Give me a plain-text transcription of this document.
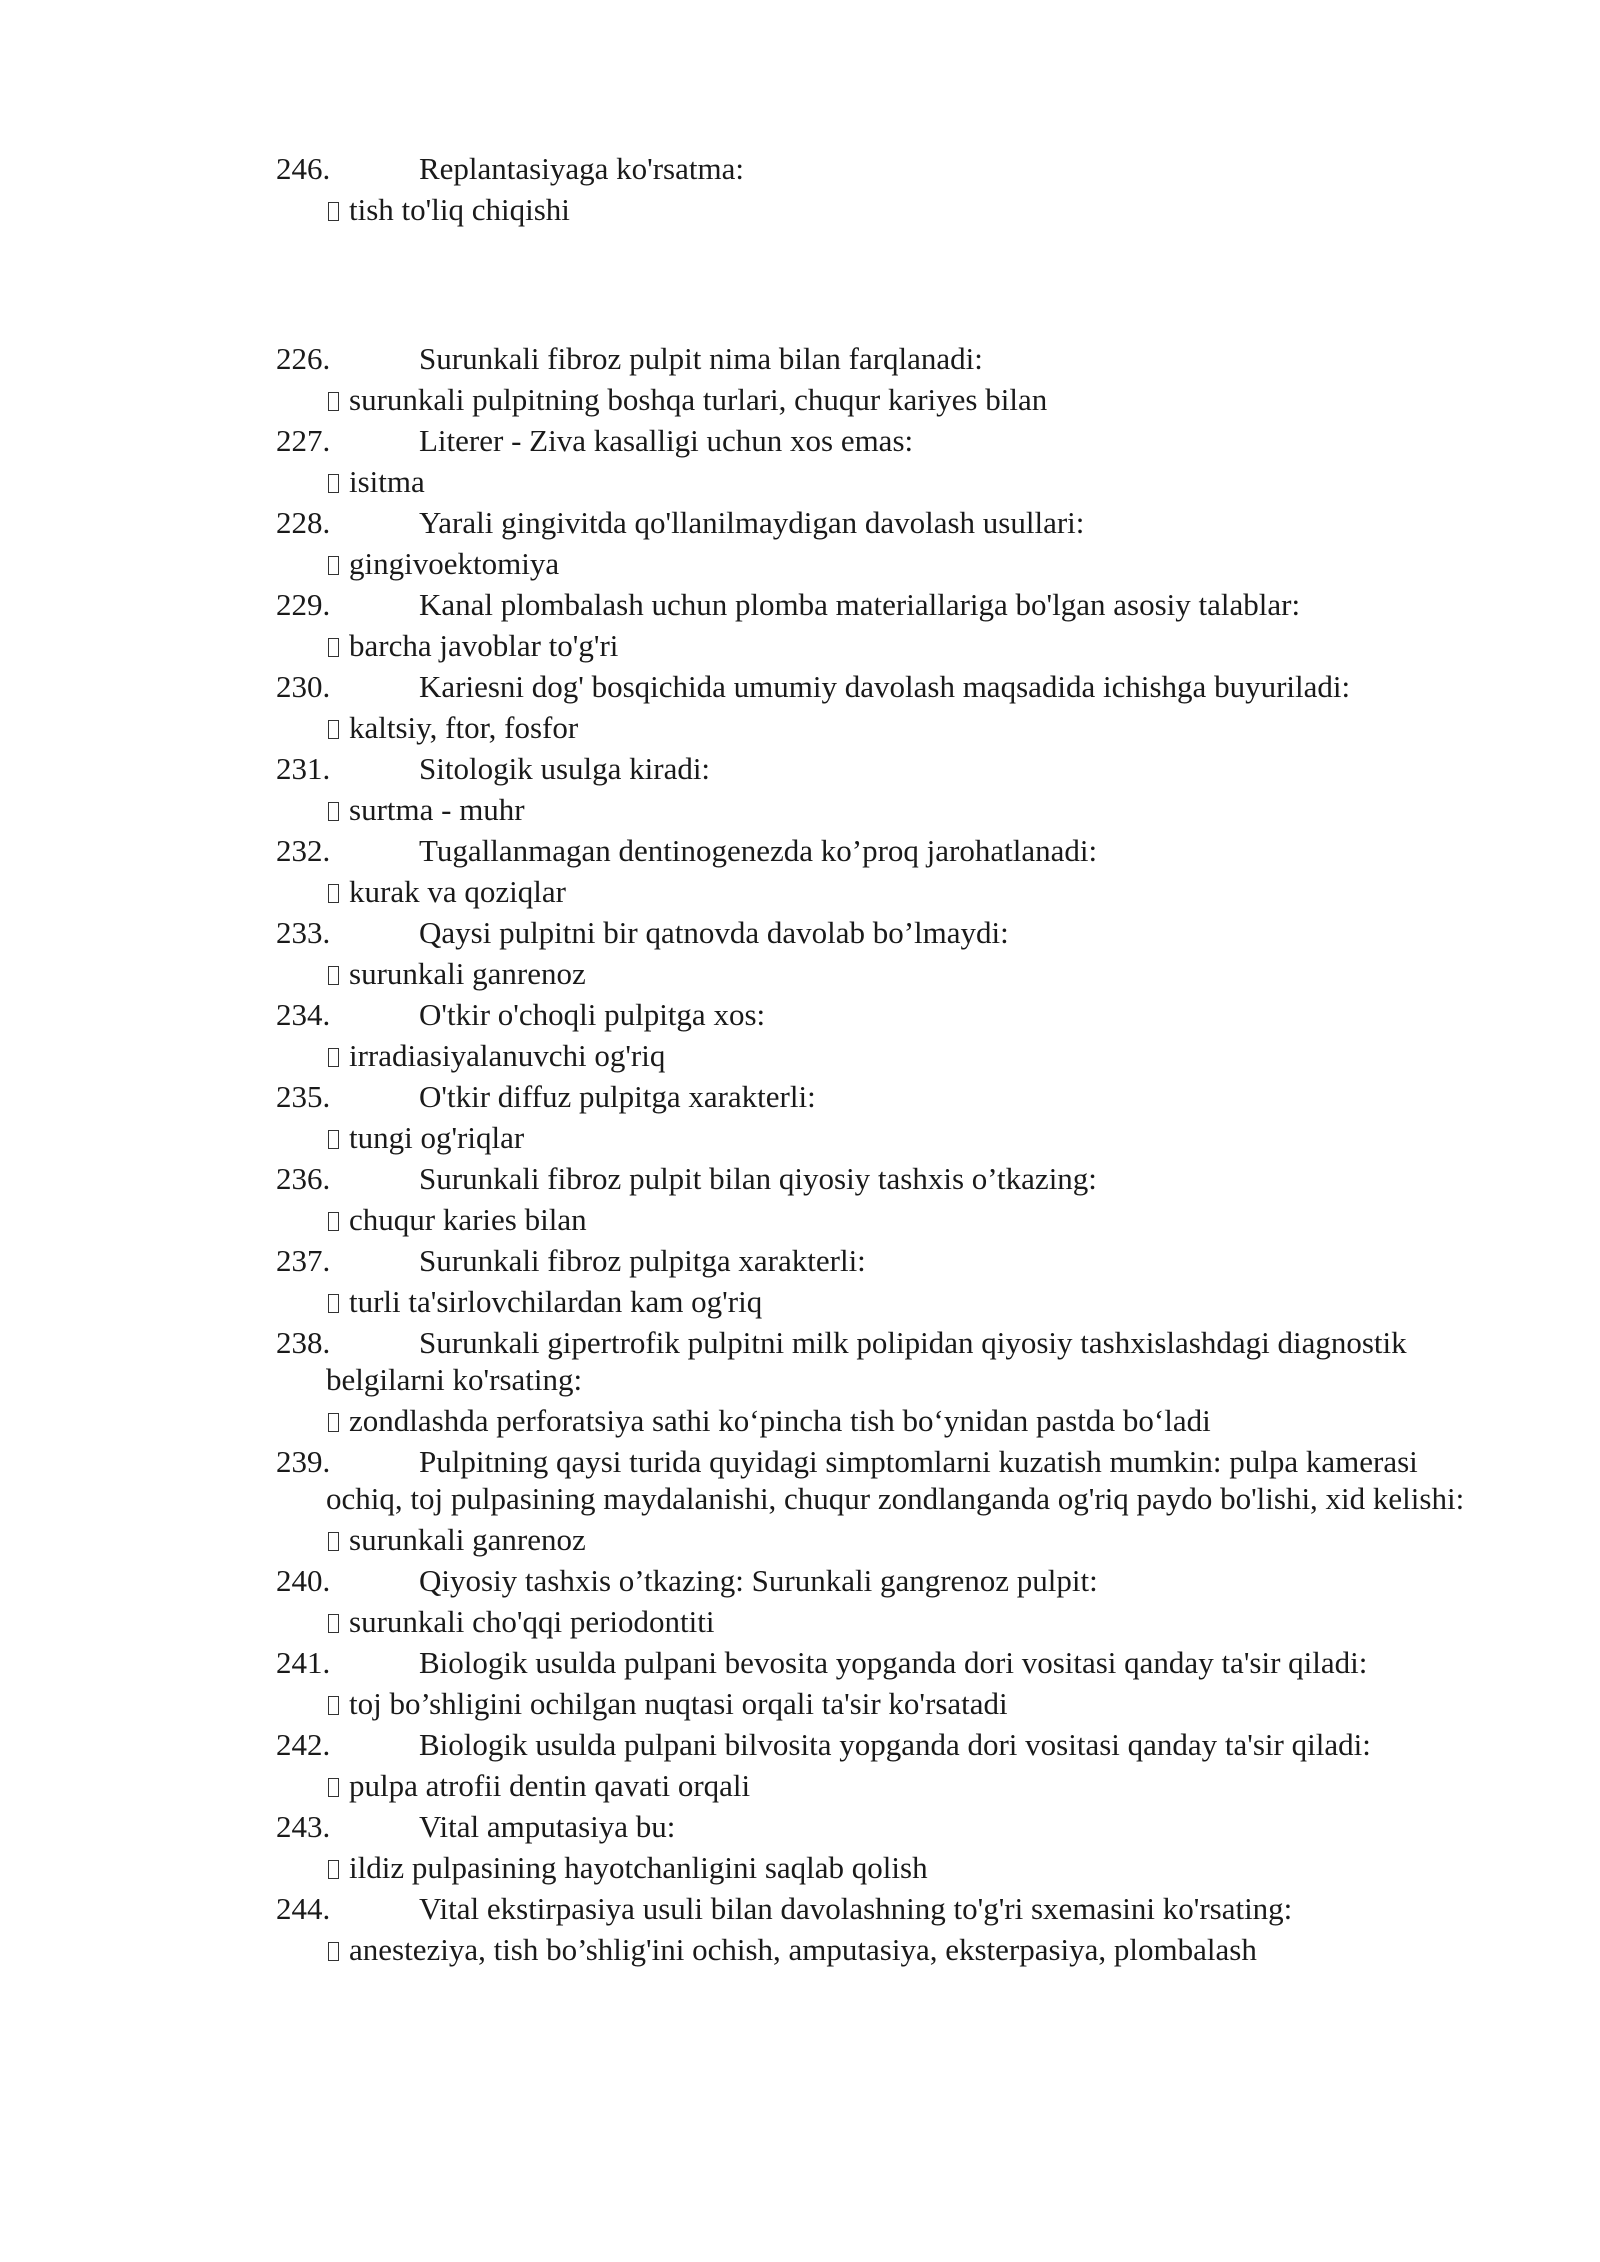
246.	Replantasiyaga ko'rsatma:
tish to'liq chiqishi
226.	Surunkali fibroz pulpit nima bilan farqlanadi:
surunkali pulpitning boshqa turlari, chuqur kariyes bilan
227.	Literer - Ziva kasalligi uchun xos emas:
isitma
228.	Yarali gingivitda qo'llanilmaydigan davolash usullari:
gingivoektomiya
229.	Kanal plombalash uchun plomba materiallariga bo'lgan asosiy talablar:
barcha javoblar to'g'ri
230.	Kariesni dog' bosqichida umumiy davolash maqsadida ichishga buyuriladi:
kaltsiy, ftor, fosfor
231.	Sitologik usulga kiradi:
surtma - muhr
232.	Tugallanmagan dentinogenezda ko’proq jarohatlanadi:
kurak va qoziqlar
233.	Qaysi pulpitni bir qatnovda davolab bo’lmaydi:
surunkali ganrenoz
234.	O'tkir o'choqli pulpitga xos:
irradiasiyalanuvchi og'riq
235.	O'tkir diffuz pulpitga xarakterli:
tungi og'riqlar
236.	Surunkali fibroz pulpit bilan qiyosiy tashxis o’tkazing:
chuqur karies bilan
237.	Surunkali fibroz pulpitga xarakterli:
turli ta'sirlovchilardan kam og'riq
238.	Surunkali gipertrofik pulpitni milk polipidan qiyosiy tashxislashdagi diagnostik belgilarni ko'rsating:
zondlashda perforatsiya sathi ko‘pincha tish bo‘ynidan pastda bo‘ladi
239.	Pulpitning qaysi turida quyidagi simptomlarni kuzatish mumkin: pulpa kamerasi ochiq, toj pulpasining maydalanishi, chuqur zondlanganda og'riq paydo bo'lishi, xid kelishi:
surunkali ganrenoz
240.	Qiyosiy tashxis o’tkazing: Surunkali gangrenoz pulpit:
surunkali cho'qqi periodontiti
241.	Biologik usulda pulpani bevosita yopganda dori vositasi qanday ta'sir qiladi:
toj bo’shligini ochilgan nuqtasi orqali ta'sir ko'rsatadi
242.	Biologik usulda pulpani bilvosita yopganda dori vositasi qanday ta'sir qiladi:
pulpa atrofii dentin qavati orqali
243.	Vital amputasiya bu:
ildiz pulpasining hayotchanligini saqlab qolish
244.	Vital ekstirpasiya usuli bilan davolashning to'g'ri sxemasini ko'rsating:
anesteziya, tish bo’shlig'ini ochish, amputasiya, eksterpasiya, plombalash
